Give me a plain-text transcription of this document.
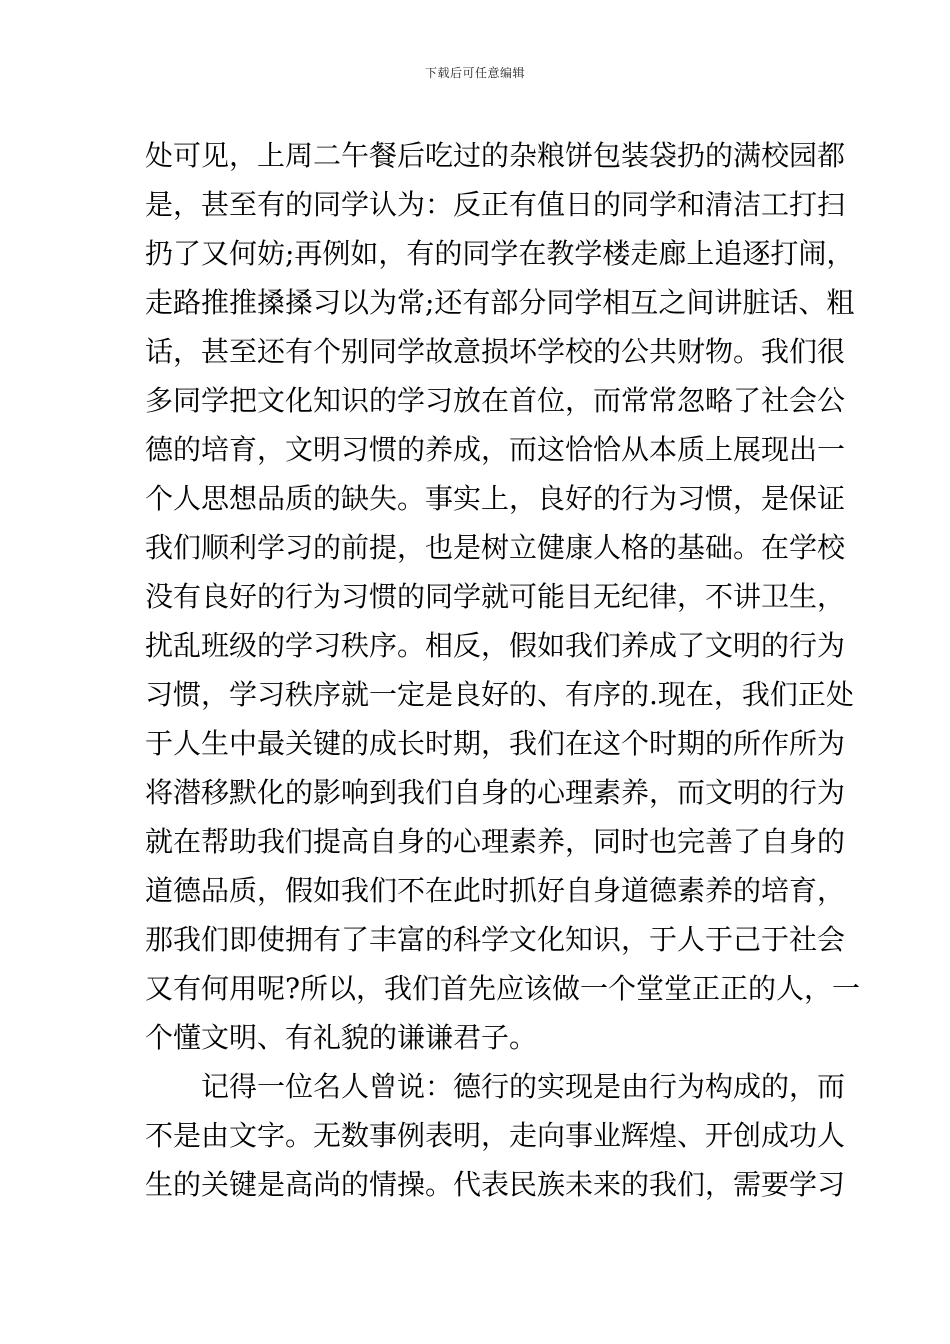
下载后可任意编辑
处可见，上周二午餐后吃过的杂粮饼包装袋扔的满校园都
是，甚至有的同学认为：反正有值日的同学和清洁工打扫
扔了又何妨;再例如，有的同学在教学楼走廊上追逐打闹，
走路推推搡搡习以为常;还有部分同学相互之间讲脏话、粗
话，甚至还有个别同学故意损坏学校的公共财物。我们很
多同学把文化知识的学习放在首位，而常常忽略了社会公
德的培育，文明习惯的养成，而这恰恰从本质上展现出一
个人思想品质的缺失。事实上，良好的行为习惯，是保证
我们顺利学习的前提，也是树立健康人格的基础。在学校
没有良好的行为习惯的同学就可能目无纪律，不讲卫生，
扰乱班级的学习秩序。相反，假如我们养成了文明的行为
习惯，学习秩序就一定是良好的、有序的.现在，我们正处
于人生中最关键的成长时期，我们在这个时期的所作所为
将潜移默化的影响到我们自身的心理素养，而文明的行为
就在帮助我们提高自身的心理素养，同时也完善了自身的
道德品质，假如我们不在此时抓好自身道德素养的培育，
那我们即使拥有了丰富的科学文化知识，于人于己于社会
又有何用呢?所以，我们首先应该做一个堂堂正正的人，一
个懂文明、有礼貌的谦谦君子。
记得一位名人曾说：德行的实现是由行为构成的，而
不是由文字。无数事例表明，走向事业辉煌、开创成功人
生的关键是高尚的情操。代表民族未来的我们，需要学习
